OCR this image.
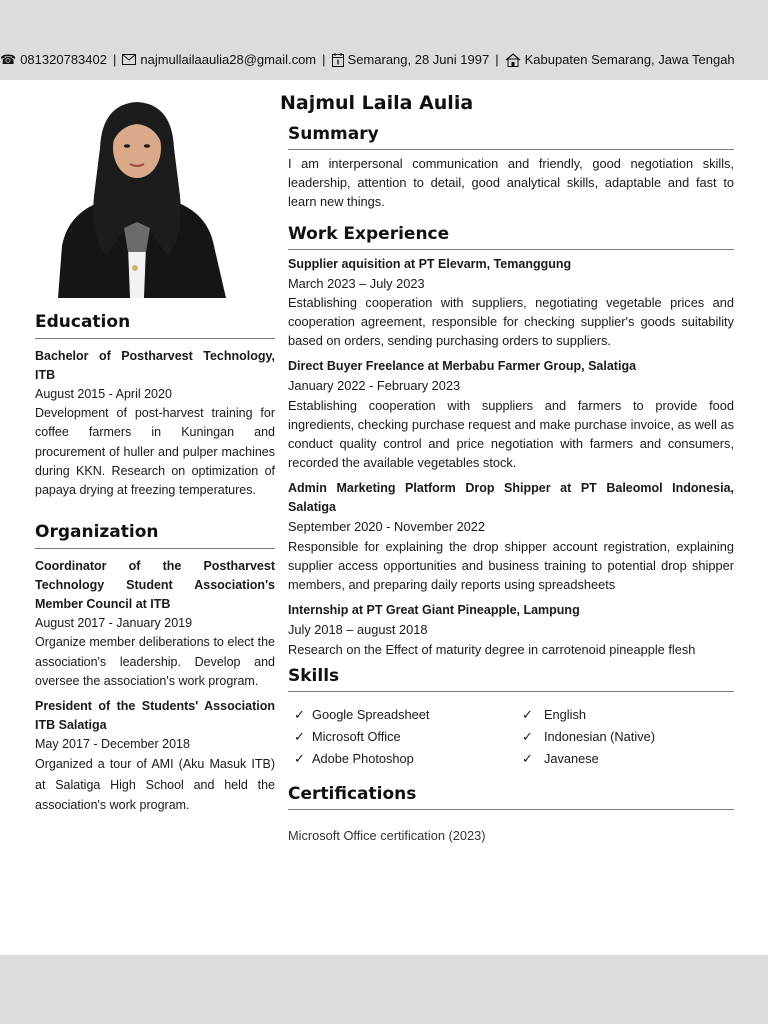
☎ 081320783402 | najmullailaaulia28@gmail.com | Semarang, 28 Juni 1997 | Kabupaten Semarang, Jawa Tengah
Education
Bachelor of Postharvest Technology, ITB
August 2015 - April 2020
Development of post-harvest training for coffee farmers in Kuningan and procurement of huller and pulper machines during KKN. Research on optimization of papaya drying at freezing temperatures.
Organization
Coordinator of the Postharvest Technology Student Association's Member Council at ITB
August 2017 - January 2019
Organize member deliberations to elect the association's leadership. Develop and oversee the association's work program.
President of the Students' Association ITB Salatiga
May 2017 - December 2018
Organized a tour of AMI (Aku Masuk ITB) at Salatiga High School and held the association's work program.
Najmul Laila Aulia
Summary
I am interpersonal communication and friendly, good negotiation skills, leadership, attention to detail, good analytical skills, adaptable and fast to learn new things.
Work Experience
Supplier aquisition at PT Elevarm, Temanggung
March 2023 – July 2023
Establishing cooperation with suppliers, negotiating vegetable prices and cooperation agreement, responsible for checking supplier's goods suitability based on orders, sending purchasing orders to suppliers.
Direct Buyer Freelance at Merbabu Farmer Group, Salatiga
January 2022 - February 2023
Establishing cooperation with suppliers and farmers to provide food ingredients, checking purchase request and make purchase invoice, as well as conduct quality control and price negotiation with farmers and consumers, recorded the available vegetables stock.
Admin Marketing Platform Drop Shipper at PT Baleomol Indonesia, Salatiga
September 2020 - November 2022
Responsible for explaining the drop shipper account registration, explaining supplier access opportunities and business training to potential drop shipper members, and preparing daily reports using spreadsheets
Internship at PT Great Giant Pineapple, Lampung
July 2018 – august 2018
Research on the Effect of maturity degree in carrotenoid pineapple flesh
Skills
✓ Google Spreadsheet
✓ Microsoft Office
✓ Adobe Photoshop
✓ English
✓ Indonesian (Native)
✓ Javanese
Certifications
Microsoft Office certification (2023)
